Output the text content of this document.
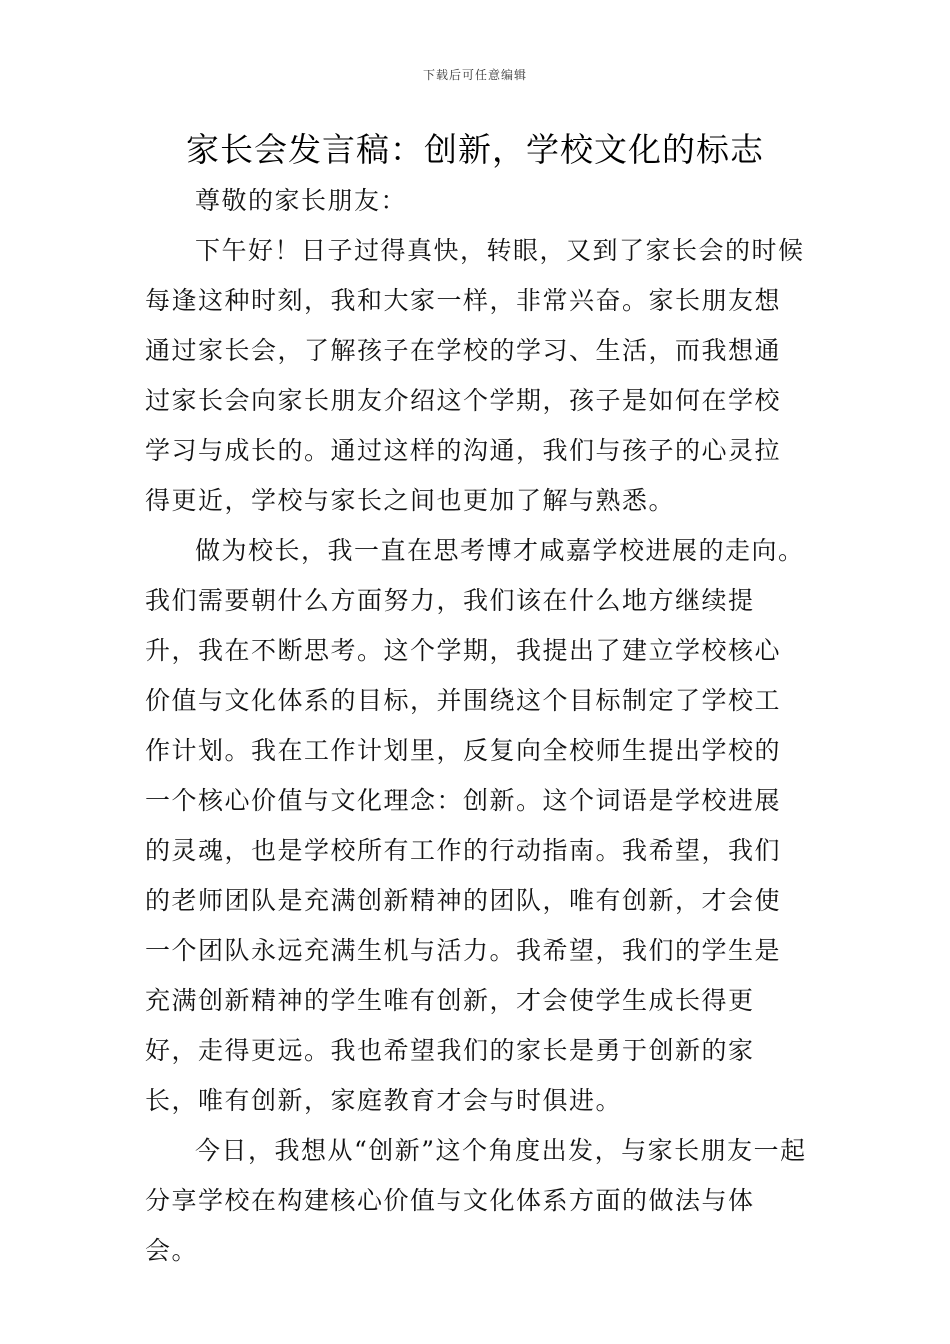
下载后可任意编辑
家长会发言稿：创新，学校文化的标志

尊敬的家长朋友：

下午好！日子过得真快，转眼，又到了家长会的时候每逢这种时刻，我和大家一样，非常兴奋。家长朋友想通过家长会，了解孩子在学校的学习、生活，而我想通过家长会向家长朋友介绍这个学期，孩子是如何在学校学习与成长的。通过这样的沟通，我们与孩子的心灵拉得更近，学校与家长之间也更加了解与熟悉。

做为校长，我一直在思考博才咸嘉学校进展的走向。我们需要朝什么方面努力，我们该在什么地方继续提升，我在不断思考。这个学期，我提出了建立学校核心价值与文化体系的目标，并围绕这个目标制定了学校工作计划。我在工作计划里，反复向全校师生提出学校的一个核心价值与文化理念：创新。这个词语是学校进展的灵魂，也是学校所有工作的行动指南。我希望，我们的老师团队是充满创新精神的团队，唯有创新，才会使一个团队永远充满生机与活力。我希望，我们的学生是充满创新精神的学生唯有创新，才会使学生成长得更好，走得更远。我也希望我们的家长是勇于创新的家长，唯有创新，家庭教育才会与时俱进。

今日，我想从“创新”这个角度出发，与家长朋友一起分享学校在构建核心价值与文化体系方面的做法与体会。
